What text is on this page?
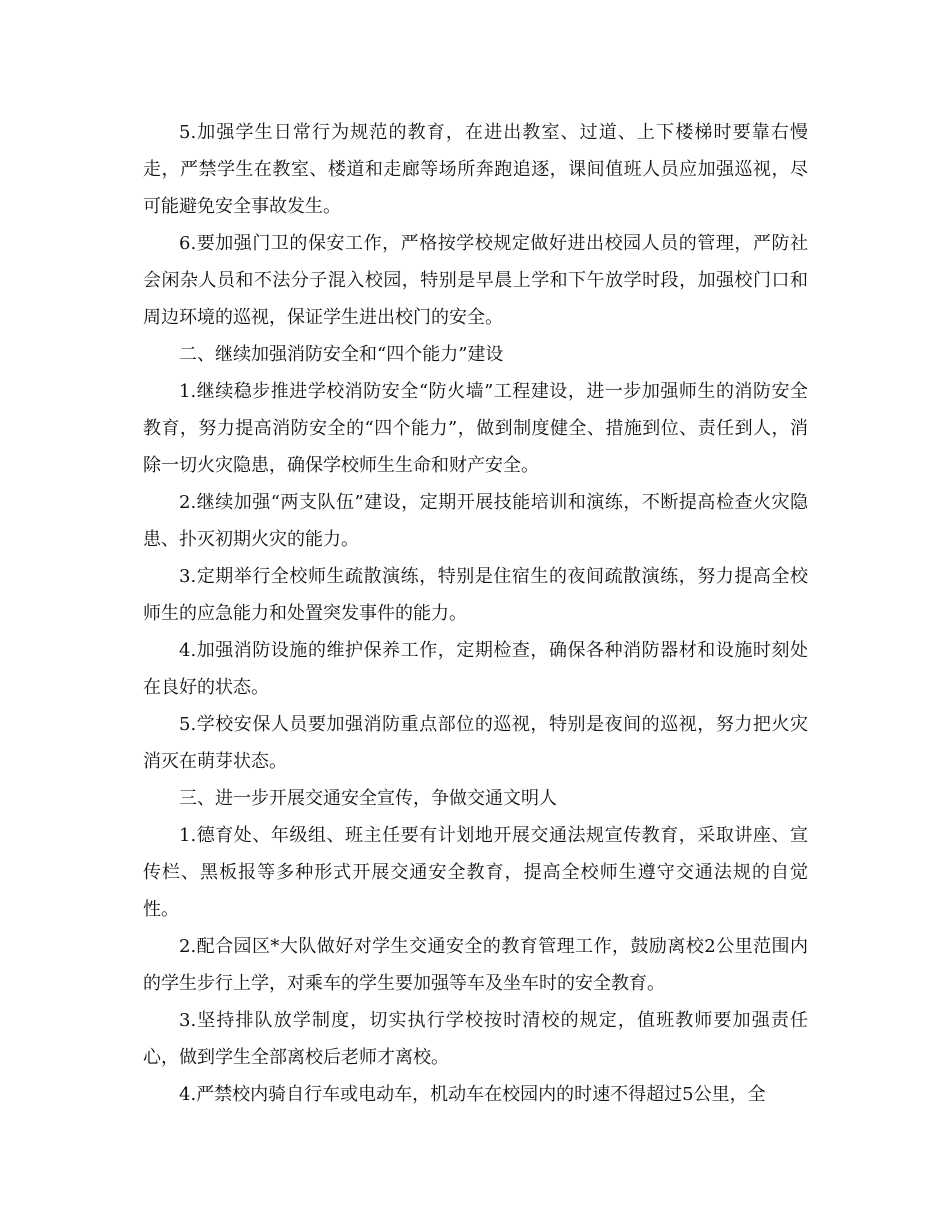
5.加强学生日常行为规范的教育，在进出教室、过道、上下楼梯时要靠右慢走，严禁学生在教室、楼道和走廊等场所奔跑追逐，课间值班人员应加强巡视，尽可能避免安全事故发生。

6.要加强门卫的保安工作，严格按学校规定做好进出校园人员的管理，严防社会闲杂人员和不法分子混入校园，特别是早晨上学和下午放学时段，加强校门口和周边环境的巡视，保证学生进出校门的安全。

二、继续加强消防安全和“四个能力”建设

1.继续稳步推进学校消防安全“防火墙”工程建设，进一步加强师生的消防安全教育，努力提高消防安全的“四个能力”，做到制度健全、措施到位、责任到人，消除一切火灾隐患，确保学校师生生命和财产安全。

2.继续加强“两支队伍”建设，定期开展技能培训和演练，不断提高检查火灾隐患、扑灭初期火灾的能力。

3.定期举行全校师生疏散演练，特别是住宿生的夜间疏散演练，努力提高全校师生的应急能力和处置突发事件的能力。

4.加强消防设施的维护保养工作，定期检查，确保各种消防器材和设施时刻处在良好的状态。

5.学校安保人员要加强消防重点部位的巡视，特别是夜间的巡视，努力把火灾消灭在萌芽状态。

三、进一步开展交通安全宣传，争做交通文明人

1.德育处、年级组、班主任要有计划地开展交通法规宣传教育，采取讲座、宣传栏、黑板报等多种形式开展交通安全教育，提高全校师生遵守交通法规的自觉性。

2.配合园区*大队做好对学生交通安全的教育管理工作，鼓励离校2公里范围内的学生步行上学，对乘车的学生要加强等车及坐车时的安全教育。

3.坚持排队放学制度，切实执行学校按时清校的规定，值班教师要加强责任心，做到学生全部离校后老师才离校。

4.严禁校内骑自行车或电动车，机动车在校园内的时速不得超过5公里，全
